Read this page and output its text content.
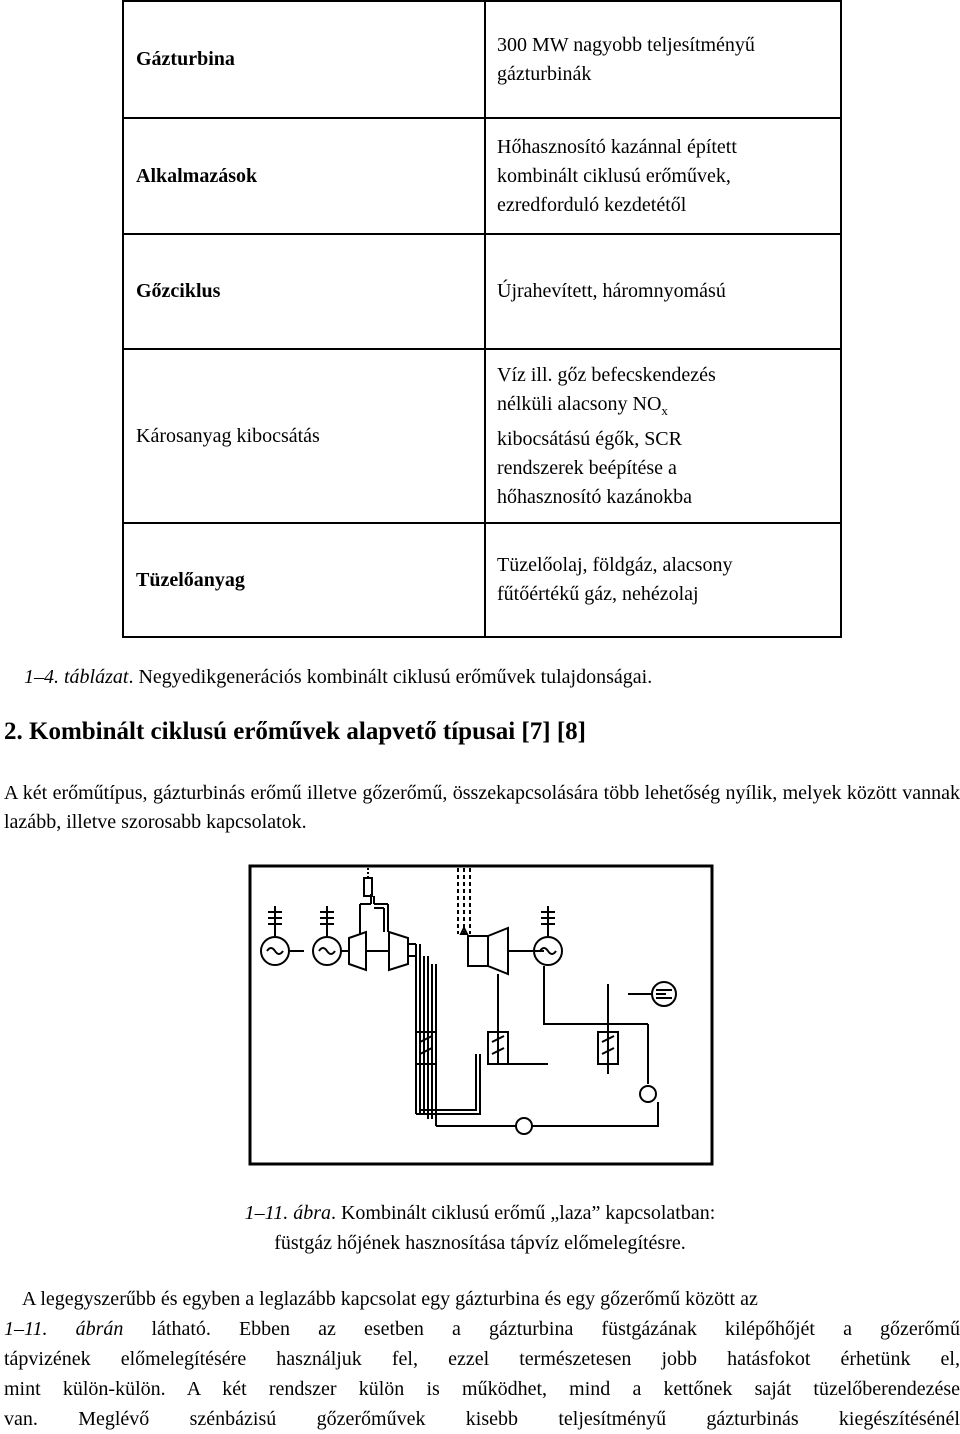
Gázturbina	300 MW nagyobb teljesítményű
gázturbinák
Alkalmazások	Hőhasznosító kazánnal épített
kombinált ciklusú erőművek,
ezredforduló kezdetétől
Gőzciklus	Újrahevített, háromnyomású
Károsanyag kibocsátás	Víz ill. gőz befecskendezés
nélküli alacsony $NO_x$
kibocsátású égők, SCR
rendszerek beépítése a
hőhasznosító kazánokba
Tüzelőanyag	Tüzelőolaj, földgáz, alacsony
fűtőértékű gáz, nehézolaj
1–4. táblázat. Negyedikgenerációs kombinált ciklusú erőművek tulajdonságai.
2. Kombinált ciklusú erőművek alapvető típusai [7] [8]
A két erőműtípus, gázturbinás erőmű illetve gőzerőmű, összekapcsolására több lehetőség nyílik, melyek között vannak lazább, illetve szorosabb kapcsolatok.
1–11. ábra. Kombinált ciklusú erőmű „laza” kapcsolatban:
füstgáz hőjének hasznosítása tápvíz előmelegítésre.
A legegyszerűbb és egyben a leglazább kapcsolat egy gázturbina és egy gőzerőmű között az
1–11. ábrán látható. Ebben az esetben a gázturbina füstgázának kilépőhőjét a gőzerőmű
tápvizének előmelegítésére használjuk fel, ezzel természetesen jobb hatásfokot érhetünk el,
mint külön-külön. A két rendszer külön is működhet, mind a kettőnek saját tüzelőberendezése
van. Meglévő szénbázisú gőzerőművek kisebb teljesítményű gázturbinás kiegészítésénél
